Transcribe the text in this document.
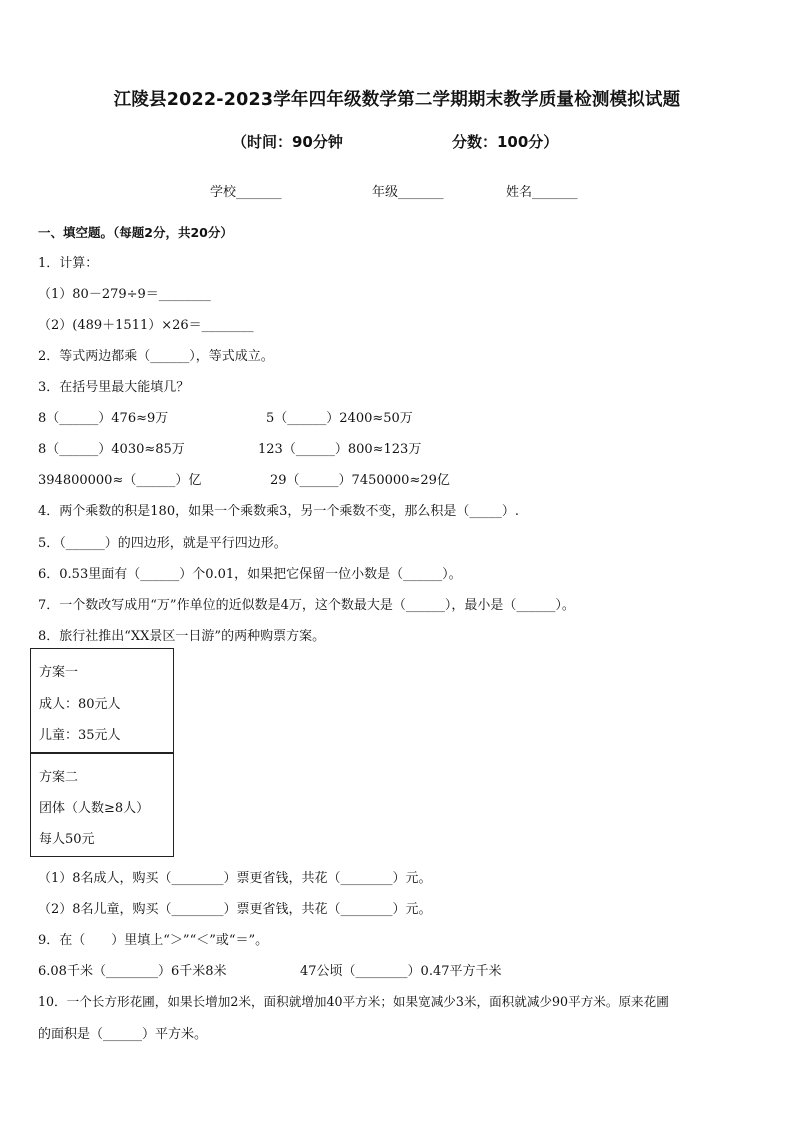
江陵县2022-2023学年四年级数学第二学期期末教学质量检测模拟试题
（时间：90分钟	分数：100分）
学校_______	年级_______	姓名_______
一、填空题。（每题2分，共20分）
1．计算：
（1）80－279÷9＝________
（2）(489＋1511）×26＝________
2．等式两边都乘（______），等式成立。
3．在括号里最大能填几？
8（______）476≈9万	5（______）2400≈50万
8（______）4030≈85万	123（______）800≈123万
394800000≈（______）亿	29（______）7450000≈29亿
4．两个乘数的积是180，如果一个乘数乘3，另一个乘数不变，那么积是（_____）.
5．（______）的四边形，就是平行四边形。
6．0.53里面有（______）个0.01，如果把它保留一位小数是（______）。
7．一个数改写成用“万”作单位的近似数是4万，这个数最大是（______），最小是（______）。
8．旅行社推出“XX景区一日游”的两种购票方案。
方案一
成人：80元人
儿童：35元人
方案二
团体（人数≥8人）
每人50元
（1）8名成人，购买（________）票更省钱，共花（________）元。
（2）8名儿童，购买（________）票更省钱，共花（________）元。
9．在（　　）里填上“＞”“＜”或“＝”。
6.08千米（________）6千米8米	47公顷（________）0.47平方千米
10．一个长方形花圃，如果长增加2米，面积就增加40平方米；如果宽减少3米，面积就减少90平方米。原来花圃
的面积是（______）平方米。
